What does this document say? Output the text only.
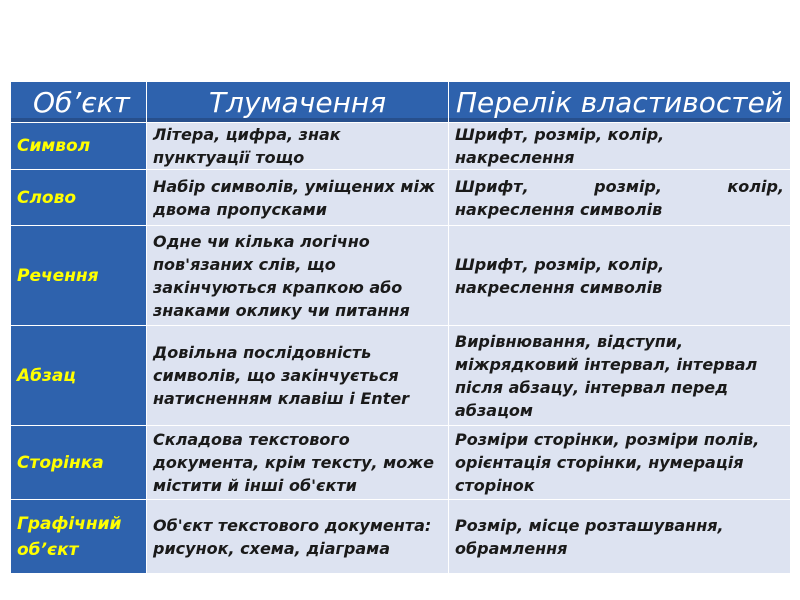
Об’єкт	Тлумачення	Перелік властивостей
Символ	Літера, цифра, знак пунктуації тощо	Шрифт, розмір, колір, накреслення
Слово	Набір символів, уміщених між двома пропусками	Шрифт, розмір, колір, накреслення символів
Речення	Одне чи кілька логічно пов'язаних слів, що закінчуються крапкою або знаками оклику чи питання	Шрифт, розмір, колір, накреслення символів
Абзац	Довільна послідовність символів, що закінчується натисненням клавіш і Enter	Вирівнювання, відступи, міжрядковий інтервал, інтервал після абзацу, інтервал перед абзацом
Сторінка	Складова текстового документа, крім тексту, може містити й інші об'єкти	Розміри сторінки, розміри полів, орієнтація сторінки, нумерація сторінок
Графічний об’єкт	Об'єкт текстового документа: рисунок, схема, діаграма	Розмір, місце розташування, обрамлення
